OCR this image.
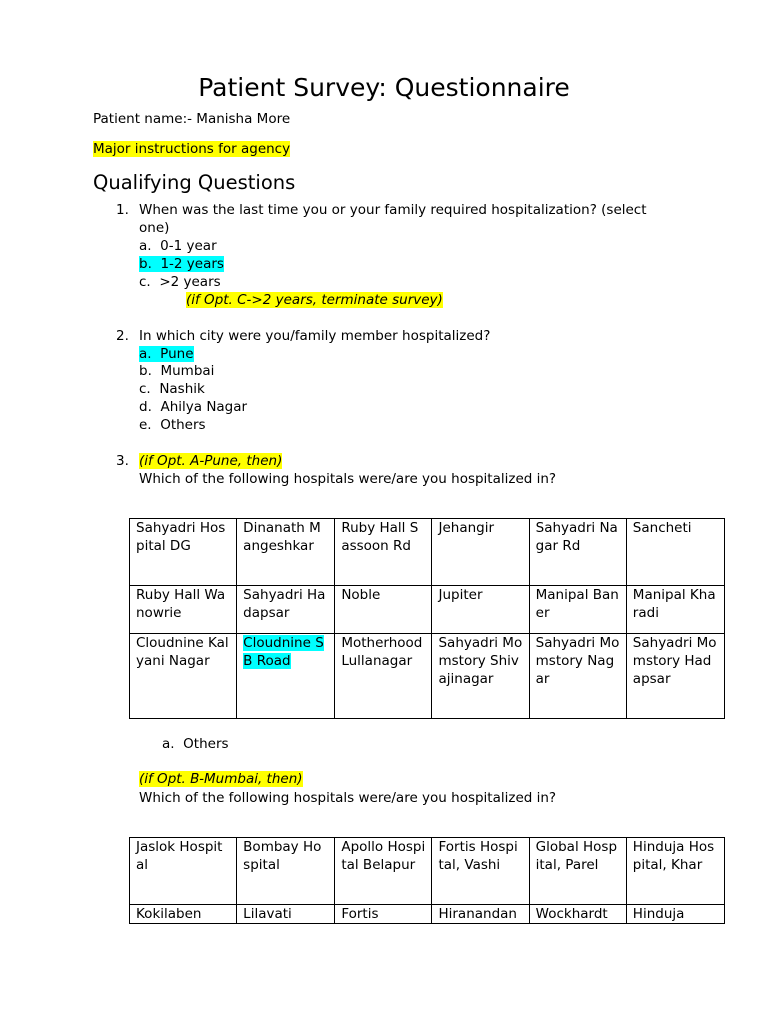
Patient Survey: Questionnaire
Patient name:- Manisha More
Major instructions for agency
Qualifying Questions
1. When was the last time you or your family required hospitalization? (select
one)
a. 0-1 year
b. 1-2 years
c. >2 years
(if Opt. C->2 years, terminate survey)
2. In which city were you/family member hospitalized?
a. Pune
b. Mumbai
c. Nashik
d. Ahilya Nagar
e. Others
3. (if Opt. A-Pune, then)
Which of the following hospitals were/are you hospitalized in?
Sahyadri Hospital DG	Dinanath Mangeshkar	Ruby Hall Sassoon Rd	Jehangir	Sahyadri Nagar Rd	Sancheti
Ruby Hall Wanowrie	Sahyadri Hadapsar	Noble	Jupiter	Manipal Baner	Manipal Kharadi
Cloudnine Kalyani Nagar	Cloudnine SB Road	Motherhood Lullanagar	Sahyadri Momstory Shivajinagar	Sahyadri Momstory Nagar	Sahyadri Momstory Hadapsar
a. Others
(if Opt. B-Mumbai, then)
Which of the following hospitals were/are you hospitalized in?
Jaslok Hospital	Bombay Hospital	Apollo Hospital Belapur	Fortis Hospital, Vashi	Global Hospital, Parel	Hinduja Hospital, Khar
Kokilaben	Lilavati	Fortis	Hiranandan	Wockhardt	Hinduja
